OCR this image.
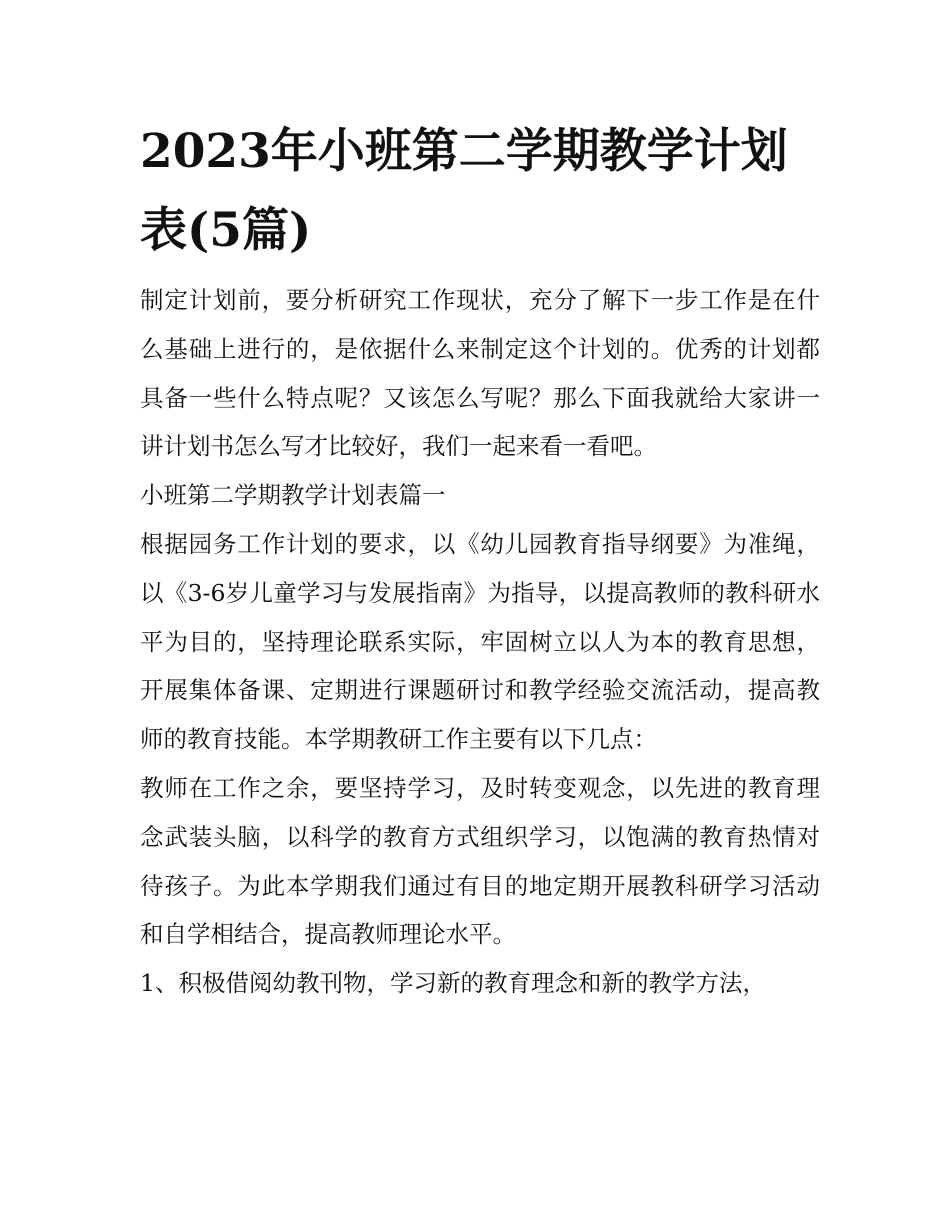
2023年小班第二学期教学计划表(5篇)

制定计划前，要分析研究工作现状，充分了解下一步工作是在什么基础上进行的，是依据什么来制定这个计划的。优秀的计划都具备一些什么特点呢？又该怎么写呢？那么下面我就给大家讲一讲计划书怎么写才比较好，我们一起来看一看吧。

小班第二学期教学计划表篇一

根据园务工作计划的要求，以《幼儿园教育指导纲要》为准绳，以《3-6岁儿童学习与发展指南》为指导，以提高教师的教科研水平为目的，坚持理论联系实际，牢固树立以人为本的教育思想，开展集体备课、定期进行课题研讨和教学经验交流活动，提高教师的教育技能。本学期教研工作主要有以下几点：

教师在工作之余，要坚持学习，及时转变观念，以先进的教育理念武装头脑，以科学的教育方式组织学习，以饱满的教育热情对待孩子。为此本学期我们通过有目的地定期开展教科研学习活动和自学相结合，提高教师理论水平。

1、积极借阅幼教刊物，学习新的教育理念和新的教学方法，
